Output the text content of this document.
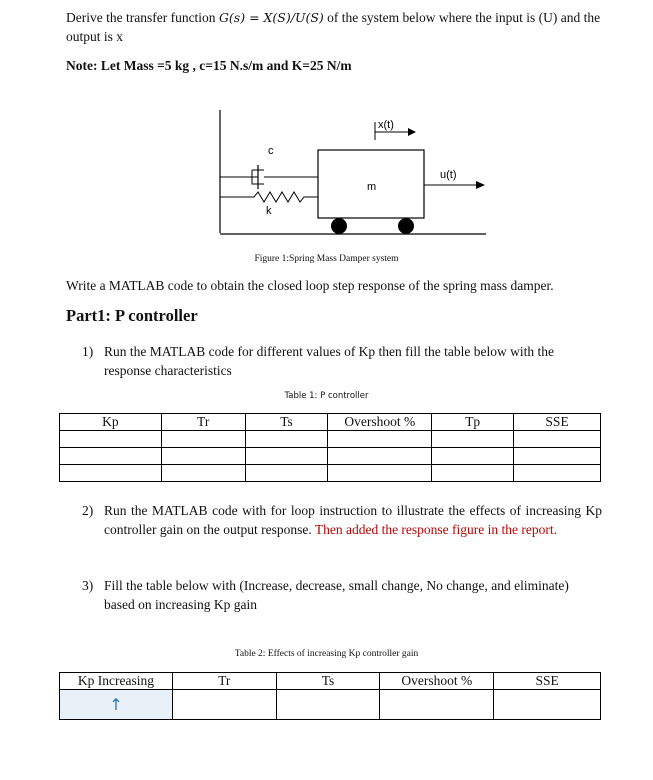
Derive the transfer function G(s) = X(S)/U(S) of the system below where the input is (U) and the output is x
Note: Let Mass =5 kg , c=15 N.s/m and K=25 N/m
x(t)
c
m
u(t)
k
Figure 1:Spring Mass Damper system
Write a MATLAB code to obtain the closed loop step response of the spring mass damper.
Part1: P controller
1) Run the MATLAB code for different values of Kp then fill the table below with the response characteristics
Table 1: P controller
Kp	Tr	Ts	Overshoot %	Tp	SSE

2) Run the MATLAB code with for loop instruction to illustrate the effects of increasing Kp controller gain on the output response. Then added the response figure in the report.
3) Fill the table below with (Increase, decrease, small change, No change, and eliminate) based on increasing Kp gain
Table 2: Effects of increasing Kp controller gain
Kp Increasing	Tr	Ts	Overshoot %	SSE
↑				
